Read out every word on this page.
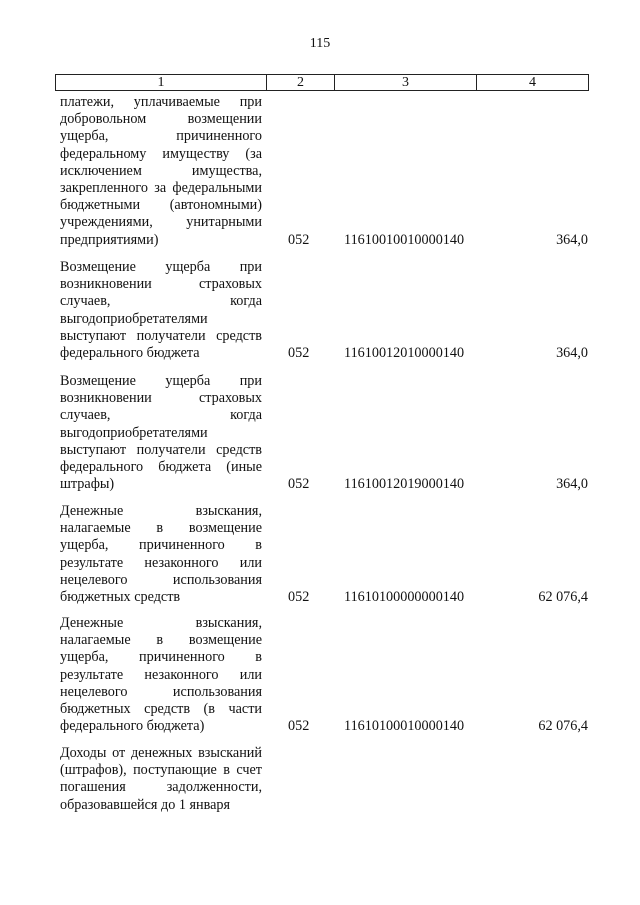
115
1	2	3	4
платежи, уплачиваемые при добровольном возмещении ущерба, причиненного федеральному имуществу (за исключением имущества, закрепленного за федеральными бюджетными (автономными) учреждениями, унитарными предприятиями)	052 11610010010000140	364,0
Возмещение ущерба при возникновении страховых случаев, когда выгодоприобретателями выступают получатели средств федерального бюджета	052 11610012010000140	364,0
Возмещение ущерба при возникновении страховых случаев, когда выгодоприобретателями выступают получатели средств федерального бюджета (иные штрафы)	052 11610012019000140	364,0
Денежные взыскания, налагаемые в возмещение ущерба, причиненного в результате незаконного или нецелевого использования бюджетных средств	052 11610100000000140	62 076,4
Денежные взыскания, налагаемые в возмещение ущерба, причиненного в результате незаконного или нецелевого использования бюджетных средств (в части федерального бюджета)	052 11610100010000140	62 076,4
Доходы от денежных взысканий (штрафов), поступающие в счет погашения задолженности, образовавшейся до 1 января
